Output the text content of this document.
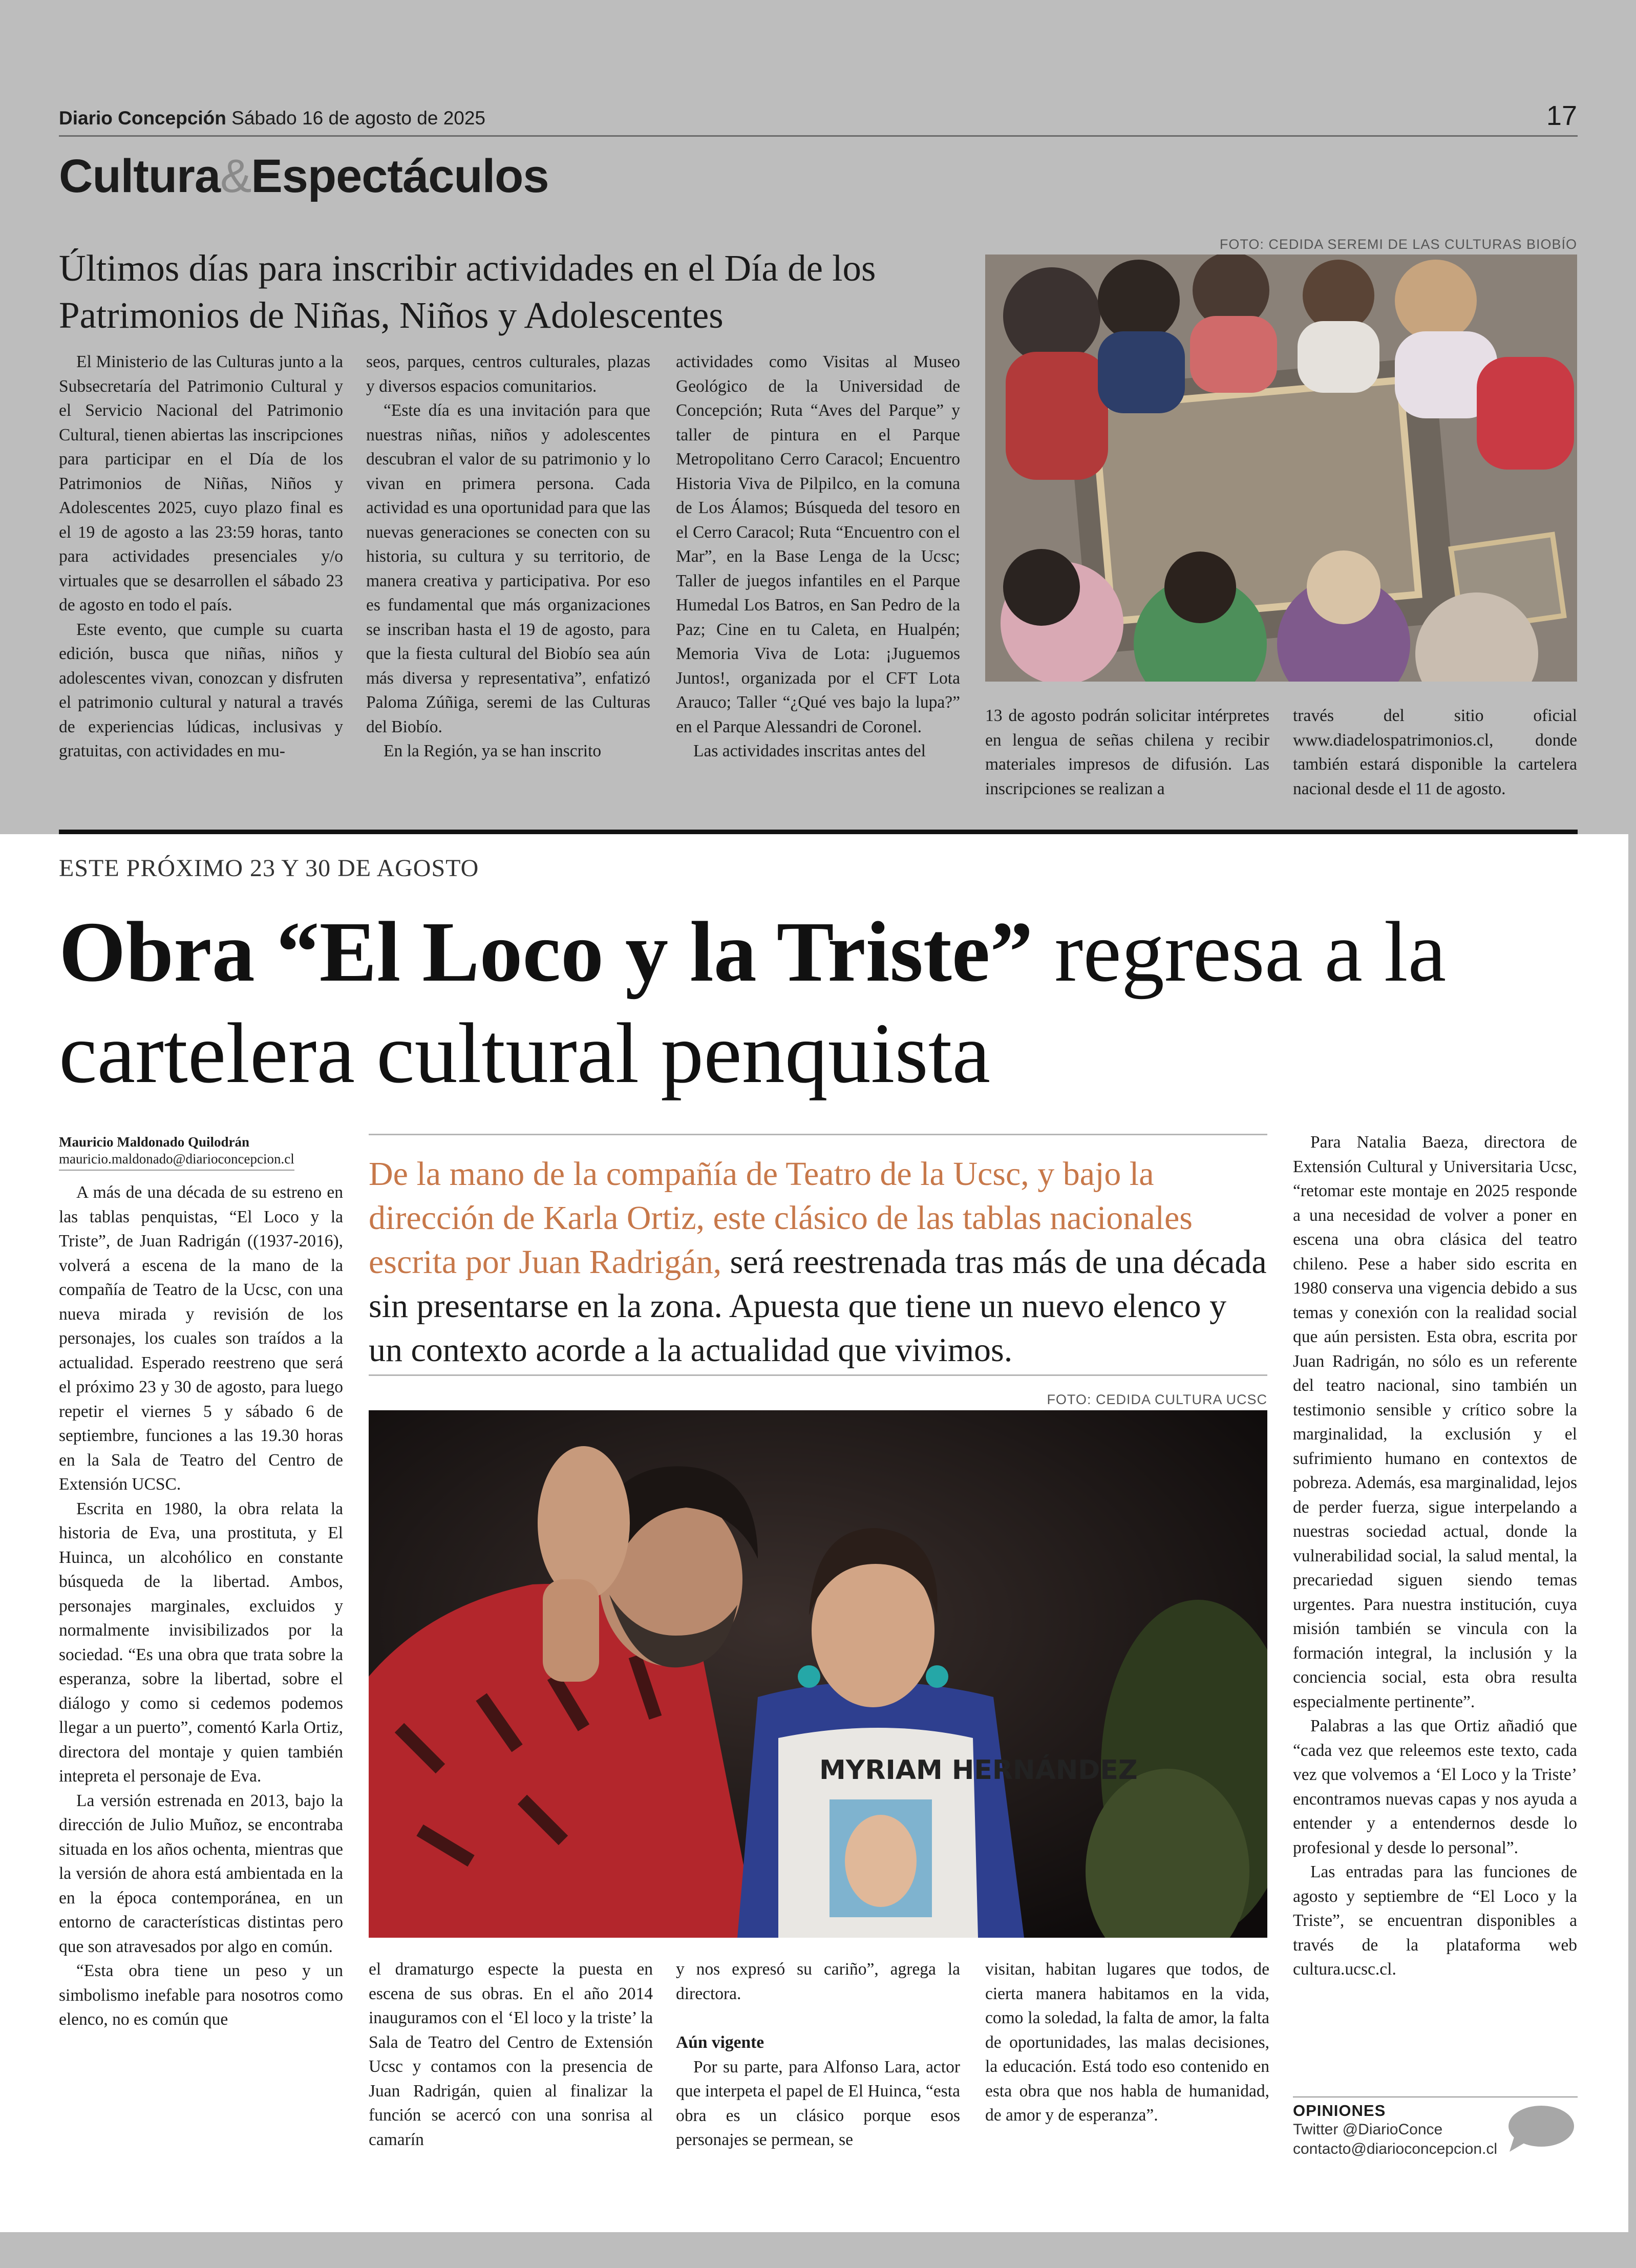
Diario Concepción Sábado 16 de agosto de 2025	17
Cultura&Espectáculos
Últimos días para inscribir actividades en el Día de los Patrimonios de Niñas, Niños y Adolescentes
FOTO: CEDIDA SEREMI DE LAS CULTURAS BIOBÍO

El Ministerio de las Culturas junto a la Subsecretaría del Patrimonio Cultural y el Servicio Nacional del Patrimonio Cultural, tienen abiertas las inscripciones para participar en el Día de los Patrimonios de Niñas, Niños y Adolescentes 2025, cuyo plazo final es el 19 de agosto a las 23:59 horas, tanto para actividades presenciales y/o virtuales que se desarrollen el sábado 23 de agosto en todo el país.

Este evento, que cumple su cuarta edición, busca que niñas, niños y adolescentes vivan, conozcan y disfruten el patrimonio cultural y natural a través de experiencias lúdicas, inclusivas y gratuitas, con actividades en mu-

seos, parques, centros culturales, plazas y diversos espacios comunitarios.

“Este día es una invitación para que nuestras niñas, niños y adolescentes descubran el valor de su patrimonio y lo vivan en primera persona. Cada actividad es una oportunidad para que las nuevas generaciones se conecten con su historia, su cultura y su territorio, de manera creativa y participativa. Por eso es fundamental que más organizaciones se inscriban hasta el 19 de agosto, para que la fiesta cultural del Biobío sea aún más diversa y representativa”, enfatizó Paloma Zúñiga, seremi de las Culturas del Biobío.

En la Región, ya se han inscrito

actividades como Visitas al Museo Geológico de la Universidad de Concepción; Ruta “Aves del Parque” y taller de pintura en el Parque Metropolitano Cerro Caracol; Encuentro Historia Viva de Pilpilco, en la comuna de Los Álamos; Búsqueda del tesoro en el Cerro Caracol; Ruta “Encuentro con el Mar”, en la Base Lenga de la Ucsc; Taller de juegos infantiles en el Parque Humedal Los Batros, en San Pedro de la Paz; Cine en tu Caleta, en Hualpén; Memoria Viva de Lota: ¡Juguemos Juntos!, organizada por el CFT Lota Arauco; Taller “¿Qué ves bajo la lupa?” en el Parque Alessandri de Coronel.

Las actividades inscritas antes del

13 de agosto podrán solicitar intérpretes en lengua de señas chilena y recibir materiales impresos de difusión. Las inscripciones se realizan a

través del sitio oficial www.diadelospatrimonios.cl, donde también estará disponible la cartelera nacional desde el 11 de agosto.

ESTE PRÓXIMO 23 Y 30 DE AGOSTO
Obra “El Loco y la Triste” regresa a la cartelera cultural penquista
Mauricio Maldonado Quilodrán
mauricio.maldonado@diarioconcepcion.cl	De la mano de la compañía de Teatro de la Ucsc, y bajo la dirección de Karla Ortiz, este clásico de las tablas nacionales escrita por Juan Radrigán, será reestrenada tras más de una década sin presentarse en la zona. Apuesta que tiene un nuevo elenco y un contexto acorde a la actualidad que vivimos.
FOTO: CEDIDA CULTURA UCSC
MYRIAM HERNÁNDEZ

A más de una década de su estreno en las tablas penquistas, “El Loco y la Triste”, de Juan Radrigán ((1937-2016), volverá a escena de la mano de la compañía de Teatro de la Ucsc, con una nueva mirada y revisión de los personajes, los cuales son traídos a la actualidad. Esperado reestreno que será el próximo 23 y 30 de agosto, para luego repetir el viernes 5 y sábado 6 de septiembre, funciones a las 19.30 horas en la Sala de Teatro del Centro de Extensión UCSC.

Escrita en 1980, la obra relata la historia de Eva, una prostituta, y El Huinca, un alcohólico en constante búsqueda de la libertad. Ambos, personajes marginales, excluidos y normalmente invisibilizados por la sociedad. “Es una obra que trata sobre la esperanza, sobre la libertad, sobre el diálogo y como si cedemos podemos llegar a un puerto”, comentó Karla Ortiz, directora del montaje y quien también intepreta el personaje de Eva.

La versión estrenada en 2013, bajo la dirección de Julio Muñoz, se encontraba situada en los años ochenta, mientras que la versión de ahora está ambientada en la en la época contemporánea, en un entorno de características distintas pero que son atravesados por algo en común.

“Esta obra tiene un peso y un simbolismo inefable para nosotros como elenco, no es común que

el dramaturgo especte la puesta en escena de sus obras. En el año 2014 inauguramos con el ‘El loco y la triste’ la Sala de Teatro del Centro de Extensión Ucsc y contamos con la presencia de Juan Radrigán, quien al finalizar la función se acercó con una sonrisa al camarín

y nos expresó su cariño”, agrega la directora.

Aún vigente

Por su parte, para Alfonso Lara, actor que interpeta el papel de El Huinca, “esta obra es un clásico porque esos personajes se permean, se

visitan, habitan lugares que todos, de cierta manera habitamos en la vida, como la soledad, la falta de amor, la falta de oportunidades, las malas decisiones, la educación. Está todo eso contenido en esta obra que nos habla de humanidad, de amor y de esperanza”.

Para Natalia Baeza, directora de Extensión Cultural y Universitaria Ucsc, “retomar este montaje en 2025 responde a una necesidad de volver a poner en escena una obra clásica del teatro chileno. Pese a haber sido escrita en 1980 conserva una vigencia debido a sus temas y conexión con la realidad social que aún persisten. Esta obra, escrita por Juan Radrigán, no sólo es un referente del teatro nacional, sino también un testimonio sensible y crítico sobre la marginalidad, la exclusión y el sufrimiento humano en contextos de pobreza. Además, esa marginalidad, lejos de perder fuerza, sigue interpelando a nuestras sociedad actual, donde la vulnerabilidad social, la salud mental, la precariedad siguen siendo temas urgentes. Para nuestra institución, cuya misión también se vincula con la formación integral, la inclusión y la conciencia social, esta obra resulta especialmente pertinente”.

Palabras a las que Ortiz añadió que “cada vez que releemos este texto, cada vez que volvemos a ‘El Loco y la Triste’ encontramos nuevas capas y nos ayuda a entender y a entendernos desde lo profesional y desde lo personal”.

Las entradas para las funciones de agosto y septiembre de “El Loco y la Triste”, se encuentran disponibles a través de la plataforma web cultura.ucsc.cl.

OPINIONES
Twitter @DiarioConce
contacto@diarioconcepcion.cl
